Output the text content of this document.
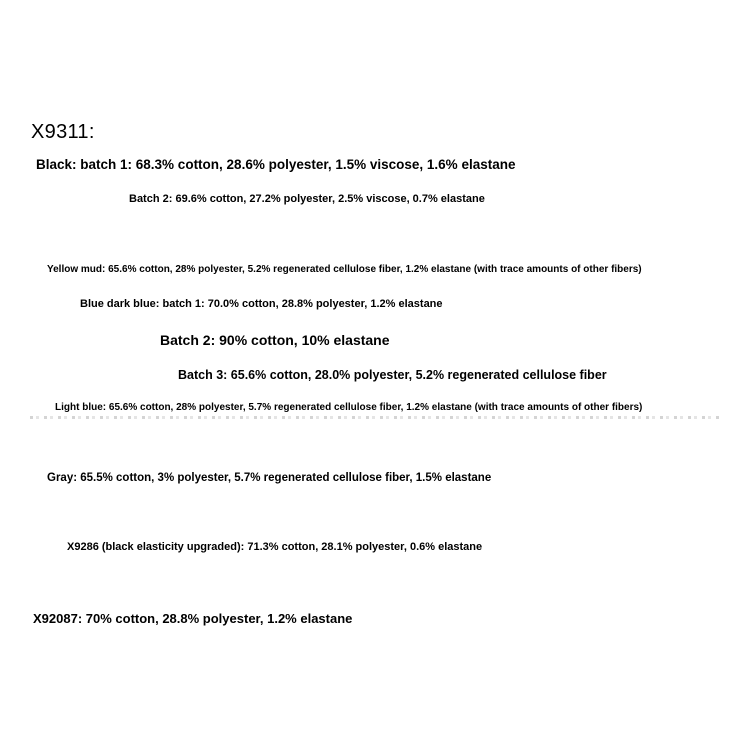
X9311:
Black: batch 1: 68.3% cotton, 28.6% polyester, 1.5% viscose, 1.6% elastane
Batch 2: 69.6% cotton, 27.2% polyester, 2.5% viscose, 0.7% elastane
Yellow mud: 65.6% cotton, 28% polyester, 5.2% regenerated cellulose fiber, 1.2% elastane (with trace amounts of other fibers)
Blue dark blue: batch 1: 70.0% cotton, 28.8% polyester, 1.2% elastane
Batch 2: 90% cotton, 10% elastane
Batch 3: 65.6% cotton, 28.0% polyester, 5.2% regenerated cellulose fiber
Light blue: 65.6% cotton, 28% polyester, 5.7% regenerated cellulose fiber, 1.2% elastane (with trace amounts of other fibers)
Gray: 65.5% cotton, 3% polyester, 5.7% regenerated cellulose fiber, 1.5% elastane
X9286 (black elasticity upgraded): 71.3% cotton, 28.1% polyester, 0.6% elastane
X92087: 70% cotton, 28.8% polyester, 1.2% elastane
